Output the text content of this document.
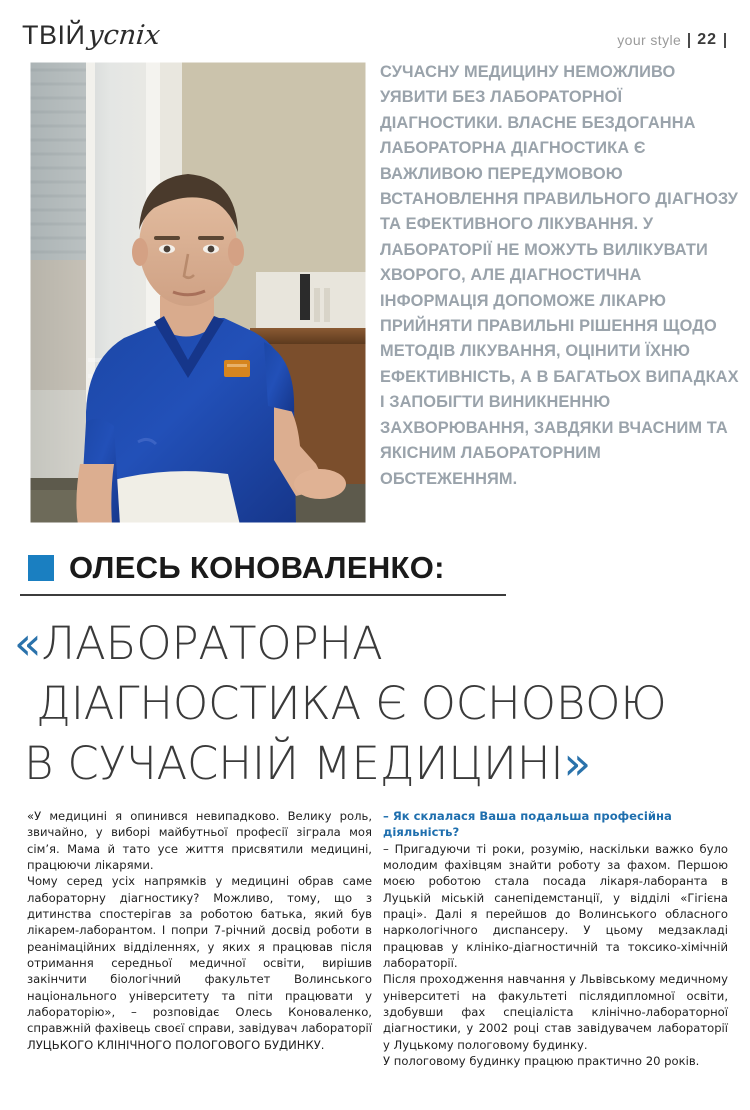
ТВІЙ успіх	your style 22

СУЧАСНУ МЕДИЦИНУ НЕМОЖЛИВО УЯВИТИ БЕЗ ЛАБОРАТОРНОЇ ДІАГНОСТИКИ. ВЛАСНЕ БЕЗДОГАННА ЛАБОРАТОРНА ДІАГНОСТИКА Є ВАЖЛИВОЮ ПЕРЕДУМОВОЮ ВСТАНОВЛЕННЯ ПРАВИЛЬНОГО ДІАГНОЗУ ТА ЕФЕКТИВНОГО ЛІКУВАННЯ. У ЛАБОРАТОРІЇ НЕ МОЖУТЬ ВИЛІКУВАТИ ХВОРОГО, АЛЕ ДІАГНОСТИЧНА ІНФОРМАЦІЯ ДОПОМОЖЕ ЛІКАРЮ ПРИЙНЯТИ ПРАВИЛЬНІ РІШЕННЯ ЩОДО МЕТОДІВ ЛІКУВАННЯ, ОЦІНИТИ ЇХНЮ ЕФЕКТИВНІСТЬ, А В БАГАТЬОХ ВИПАДКАХ І ЗАПОБІГТИ ВИНИКНЕННЮ ЗАХВОРЮВАННЯ, ЗАВДЯКИ ВЧАСНИМ ТА ЯКІСНИМ ЛАБОРАТОРНИМ ОБСТЕЖЕННЯМ.

ОЛЕСЬ КОНОВАЛЕНКО:
«ЛАБОРАТОРНА
ДІАГНОСТИКА Є ОСНОВОЮ
В СУЧАСНІЙ МЕДИЦИНІ»

«У медицині я опинився невипадково. Велику роль, звичайно, у виборі майбутньої професії зіграла моя сім’я. Мама й тато усе життя присвятили медицині, працюючи лікарями.

Чому серед усіх напрямків у медицині обрав саме лабораторну діагностику? Можливо, тому, що з дитинства спостерігав за роботою батька, який був лікарем-лаборантом. І попри 7-річний досвід роботи в реанімаційних відділеннях, у яких я працював після отримання середньої медичної освіти, вирішив закінчити біологічний факультет Волинського національного університету та піти працювати у лабораторію», – розповідає Олесь Коноваленко, справжній фахівець своєї справи, завідувач лабораторії ЛУЦЬКОГО КЛІНІЧНОГО ПОЛОГОВОГО БУДИНКУ.

– Як склалася Ваша подальша професійна діяльність?

– Пригадуючи ті роки, розумію, наскільки важко було молодим фахівцям знайти роботу за фахом. Першою моєю роботою стала посада лікаря-лаборанта в Луцькій міській санепідемстанції, у відділі «Гігієна праці». Далі я перейшов до Волинського обласного наркологічного диспансеру. У цьому медзакладі працював у клініко-діагностичній та токсико-хімічній лабораторії.

Після проходження навчання у Львівському медичному університеті на факультеті післядипломної освіти, здобувши фах спеціаліста клінічно-лабораторної діагностики, у 2002 році став завідувачем лабораторії у Луцькому пологовому будинку.

У пологовому будинку працюю практично 20 років.
